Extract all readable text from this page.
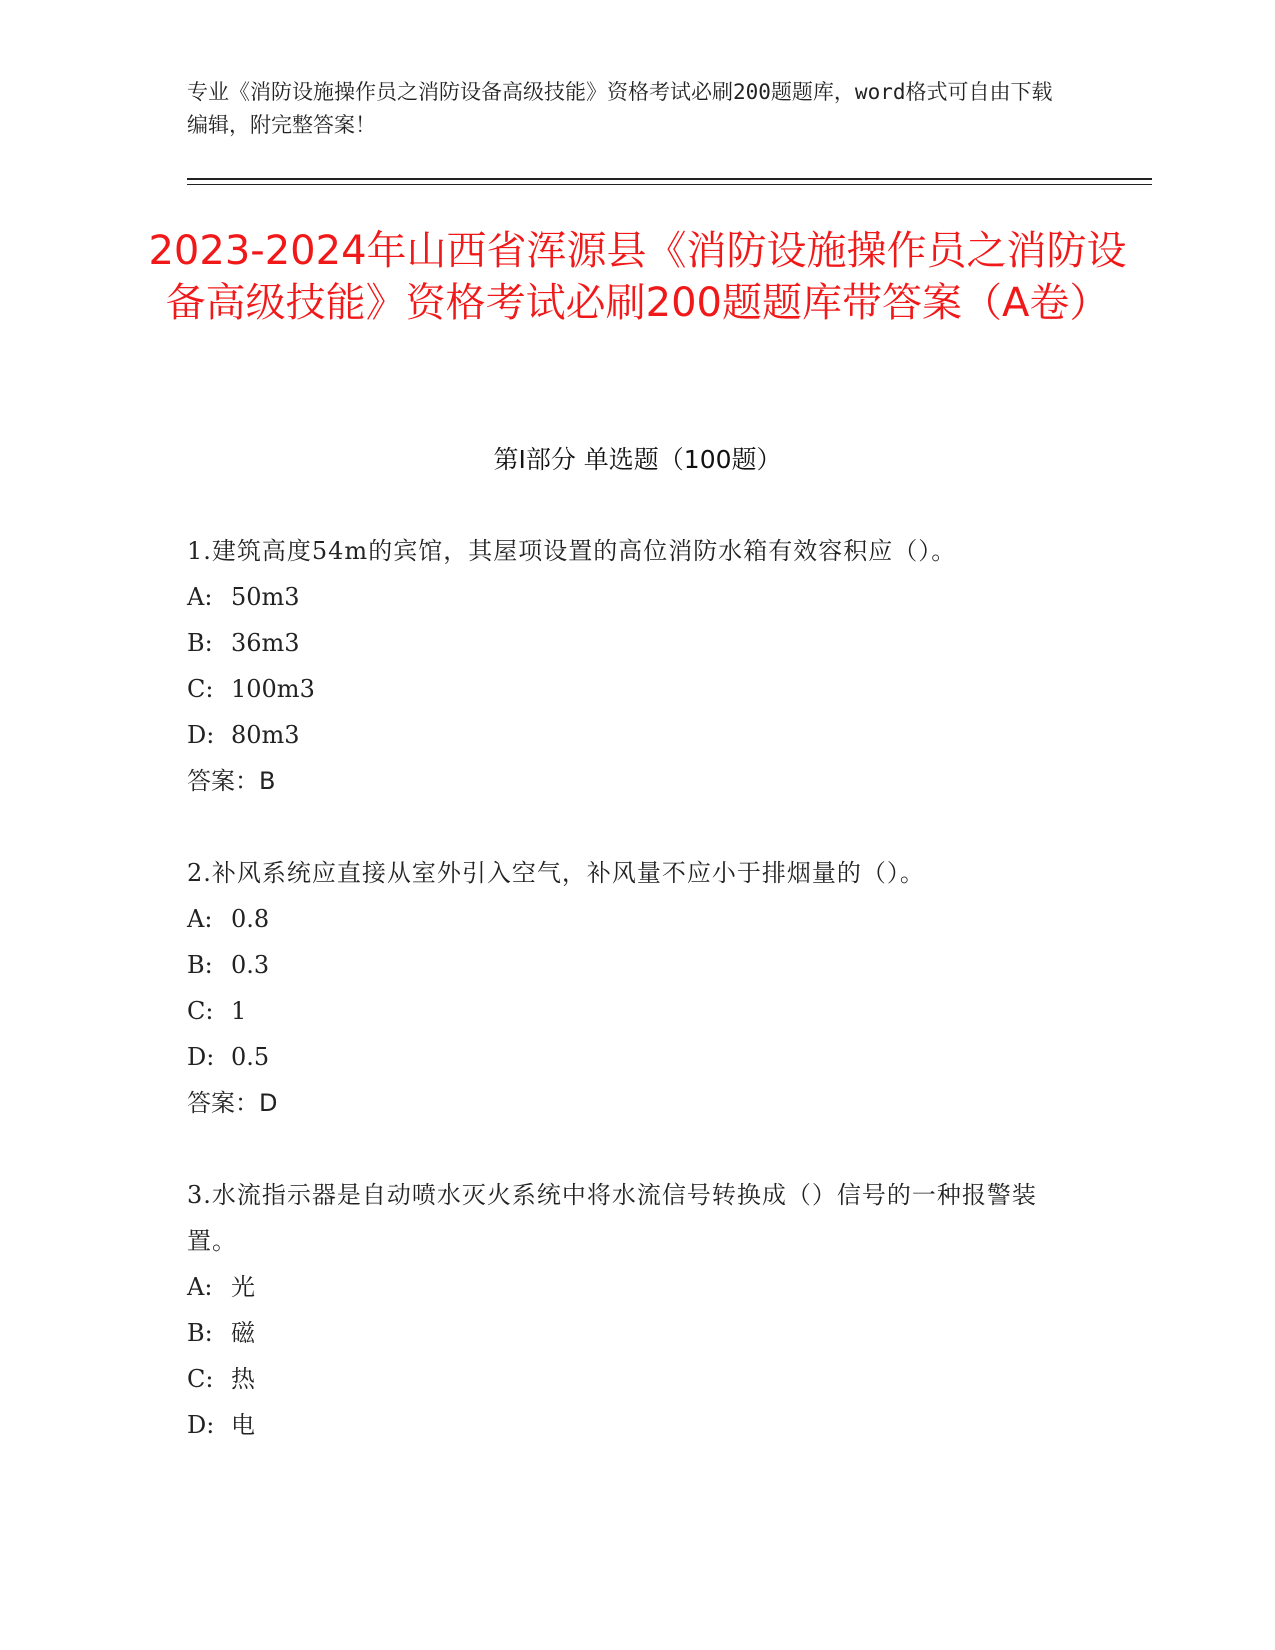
专业《消防设施操作员之消防设备高级技能》资格考试必刷200题题库，word格式可自由下载编辑，附完整答案！
2023-2024年山西省浑源县《消防设施操作员之消防设备高级技能》资格考试必刷200题题库带答案（A卷）
第Ⅰ部分 单选题（100题）
1.建筑高度54m的宾馆，其屋项设置的高位消防水箱有效容积应（）。
A: 50m3
B: 36m3
C: 100m3
D: 80m3
答案：B
2.补风系统应直接从室外引入空气，补风量不应小于排烟量的（）。
A: 0.8
B: 0.3
C: 1
D: 0.5
答案：D
3.水流指示器是自动喷水灭火系统中将水流信号转换成（）信号的一种报警装置。
A: 光
B: 磁
C: 热
D: 电
